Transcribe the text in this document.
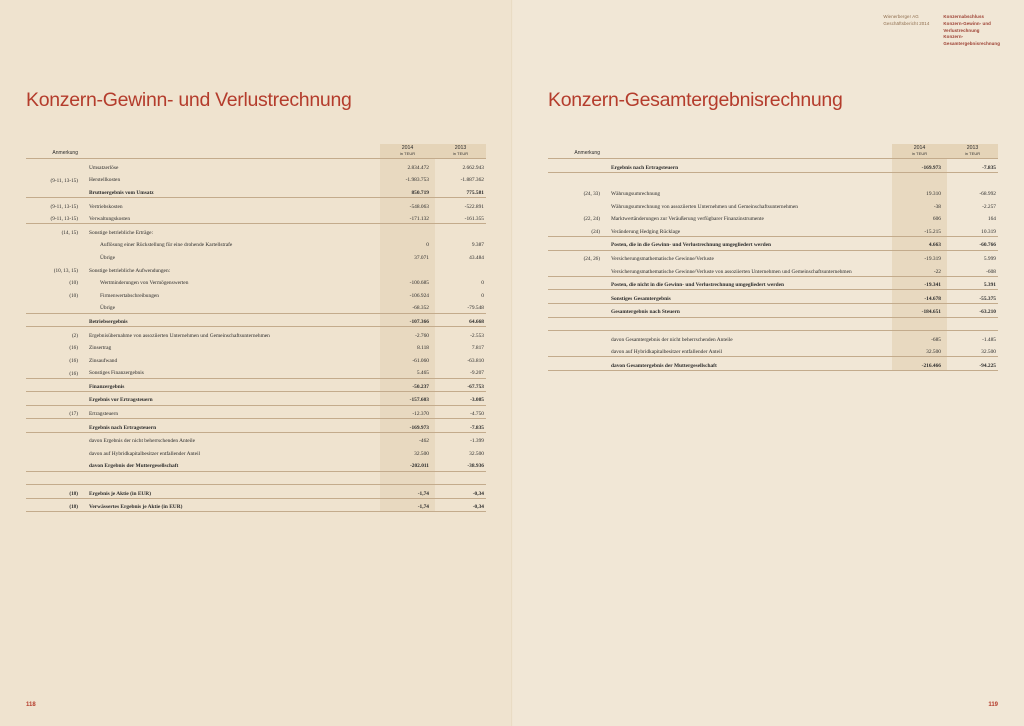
Konzern-Gewinn- und Verlustrechnung
Anmerkung		2014
in TEUR	2013
in TEUR

	Umsatzerlöse	2.834.472	2.662.943
(9-11, 13-15)	Herstellkosten	-1.983.753	-1.887.362
	Bruttoergebnis vom Umsatz	850.719	775.581
(9-11, 13-15)	Vertriebskosten	-548.063	-522.891
(9-11, 13-15)	Verwaltungskosten	-171.132	-161.355
(14, 15)	Sonstige betriebliche Erträge:		
	Auflösung einer Rückstellung für eine drohende Kartellstrafe	0	9.387
	Übrige	37.071	43.484
(10, 13, 15)	Sonstige betriebliche Aufwendungen:		
(10)	Wertminderungen von Vermögenswerten	-100.685	0
(10)	Firmenwertabschreibungen	-106.924	0
	Übrige	-68.352	-79.548
	Betriebsergebnis	-107.366	64.668
(2)	Ergebnisübernahme von assoziierten Unternehmen und Gemeinschaftsunternehmen	-2.760	-2.553
(16)	Zinsertrag	8.118	7.817
(16)	Zinsaufwand	-61.060	-63.810
(16)	Sonstiges Finanzergebnis	5.465	-9.207
	Finanzergebnis	-50.237	-67.753
	Ergebnis vor Ertragsteuern	-157.603	-3.085
(17)	Ertragsteuern	-12.370	-4.750
	Ergebnis nach Ertragsteuern	-169.973	-7.835
	davon Ergebnis der nicht beherrschenden Anteile	-462	-1.399
	davon auf Hybridkapitalbesitzer entfallender Anteil	32.500	32.500
	davon Ergebnis der Muttergesellschaft	-202.011	-38.936

(18)	Ergebnis je Aktie (in EUR)	-1,74	-0,34
(18)	Verwässertes Ergebnis je Aktie (in EUR)	-1,74	-0,34
118
Wienerberger AG
Geschäftsbericht 2014
Konzernabschluss
Konzern-Gewinn- und
Verlustrechnung
Konzern-
Gesamtergebnisrechnung
Konzern-Gesamtergebnisrechnung
Anmerkung		2014
in TEUR	2013
in TEUR

	Ergebnis nach Ertragsteuern	-169.973	-7.835

(24, 33)	Währungsumrechnung	19.310	-68.992
	Währungsumrechnung von assoziierten Unternehmen und Gemeinschaftsunternehmen	-38	-2.257
(22, 24)	Marktwertänderungen zur Veräußerung verfügbarer Finanzinstrumente	606	164
(24)	Veränderung Hedging Rücklage	-15.215	10.319
	Posten, die in die Gewinn- und Verlustrechnung umgegliedert werden	4.663	-60.766
(24, 26)	Versicherungsmathematische Gewinne/Verluste	-19.319	5.999
	Versicherungsmathematische Gewinne/Verluste von assoziierten Unternehmen und Gemeinschaftsunternehmen	-22	-608
	Posten, die nicht in die Gewinn- und Verlustrechnung umgegliedert werden	-19.341	5.391
	Sonstiges Gesamtergebnis	-14.678	-55.375
	Gesamtergebnis nach Steuern	-184.651	-63.210

	davon Gesamtergebnis der nicht beherrschenden Anteile	-685	-1.485
	davon auf Hybridkapitalbesitzer entfallender Anteil	32.500	32.500
	davon Gesamtergebnis der Muttergesellschaft	-216.466	-94.225
119
